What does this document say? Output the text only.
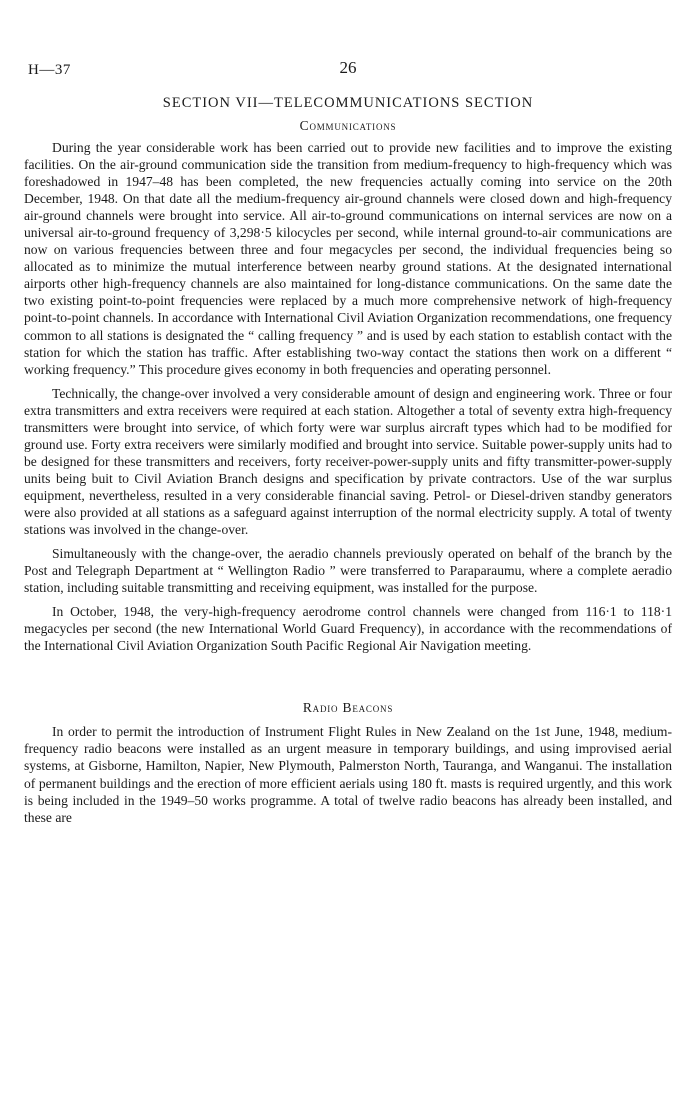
H—37	26
SECTION VII—TELECOMMUNICATIONS SECTION
Communications

During the year considerable work has been carried out to provide new facilities and to improve the existing facilities. On the air-ground communication side the transition from medium-frequency to high-frequency which was foreshadowed in 1947–48 has been completed, the new frequencies actually coming into service on the 20th December, 1948. On that date all the medium-frequency air-ground channels were closed down and high-frequency air-ground channels were brought into service. All air-to-ground communications on internal services are now on a universal air-to-ground frequency of 3,298·5 kilocycles per second, while internal ground-to-air communications are now on various frequencies between three and four megacycles per second, the individual frequencies being so allocated as to minimize the mutual interference between nearby ground stations. At the designated international airports other high-frequency channels are also maintained for long-distance communications. On the same date the two existing point-to-point frequencies were replaced by a much more comprehensive network of high-frequency point-to-point channels. In accordance with International Civil Aviation Organization recommendations, one frequency common to all stations is designated the “ calling frequency ” and is used by each station to establish contact with the station for which the station has traffic. After establishing two-way contact the stations then work on a different “ working frequency.” This procedure gives economy in both frequencies and operating personnel.

Technically, the change-over involved a very considerable amount of design and engineering work. Three or four extra transmitters and extra receivers were required at each station. Altogether a total of seventy extra high-frequency transmitters were brought into service, of which forty were war surplus aircraft types which had to be modified for ground use. Forty extra receivers were similarly modified and brought into service. Suitable power-supply units had to be designed for these transmitters and receivers, forty receiver-power-supply units and fifty transmitter-power-supply units being buit to Civil Aviation Branch designs and specification by private contractors. Use of the war surplus equipment, nevertheless, resulted in a very considerable financial saving. Petrol- or Diesel-driven standby generators were also provided at all stations as a safeguard against interruption of the normal electricity supply. A total of twenty stations was involved in the change-over.

Simultaneously with the change-over, the aeradio channels previously operated on behalf of the branch by the Post and Telegraph Department at “ Wellington Radio ” were transferred to Paraparaumu, where a complete aeradio station, including suitable transmitting and receiving equipment, was installed for the purpose.

In October, 1948, the very-high-frequency aerodrome control channels were changed from 116·1 to 118·1 megacycles per second (the new International World Guard Frequency), in accordance with the recommendations of the International Civil Aviation Organization South Pacific Regional Air Navigation meeting.

Radio Beacons

In order to permit the introduction of Instrument Flight Rules in New Zealand on the 1st June, 1948, medium-frequency radio beacons were installed as an urgent measure in temporary buildings, and using improvised aerial systems, at Gisborne, Hamilton, Napier, New Plymouth, Palmerston North, Tauranga, and Wanganui. The installation of permanent buildings and the erection of more efficient aerials using 180 ft. masts is required urgently, and this work is being included in the 1949–50 works programme. A total of twelve radio beacons has already been installed, and these are
